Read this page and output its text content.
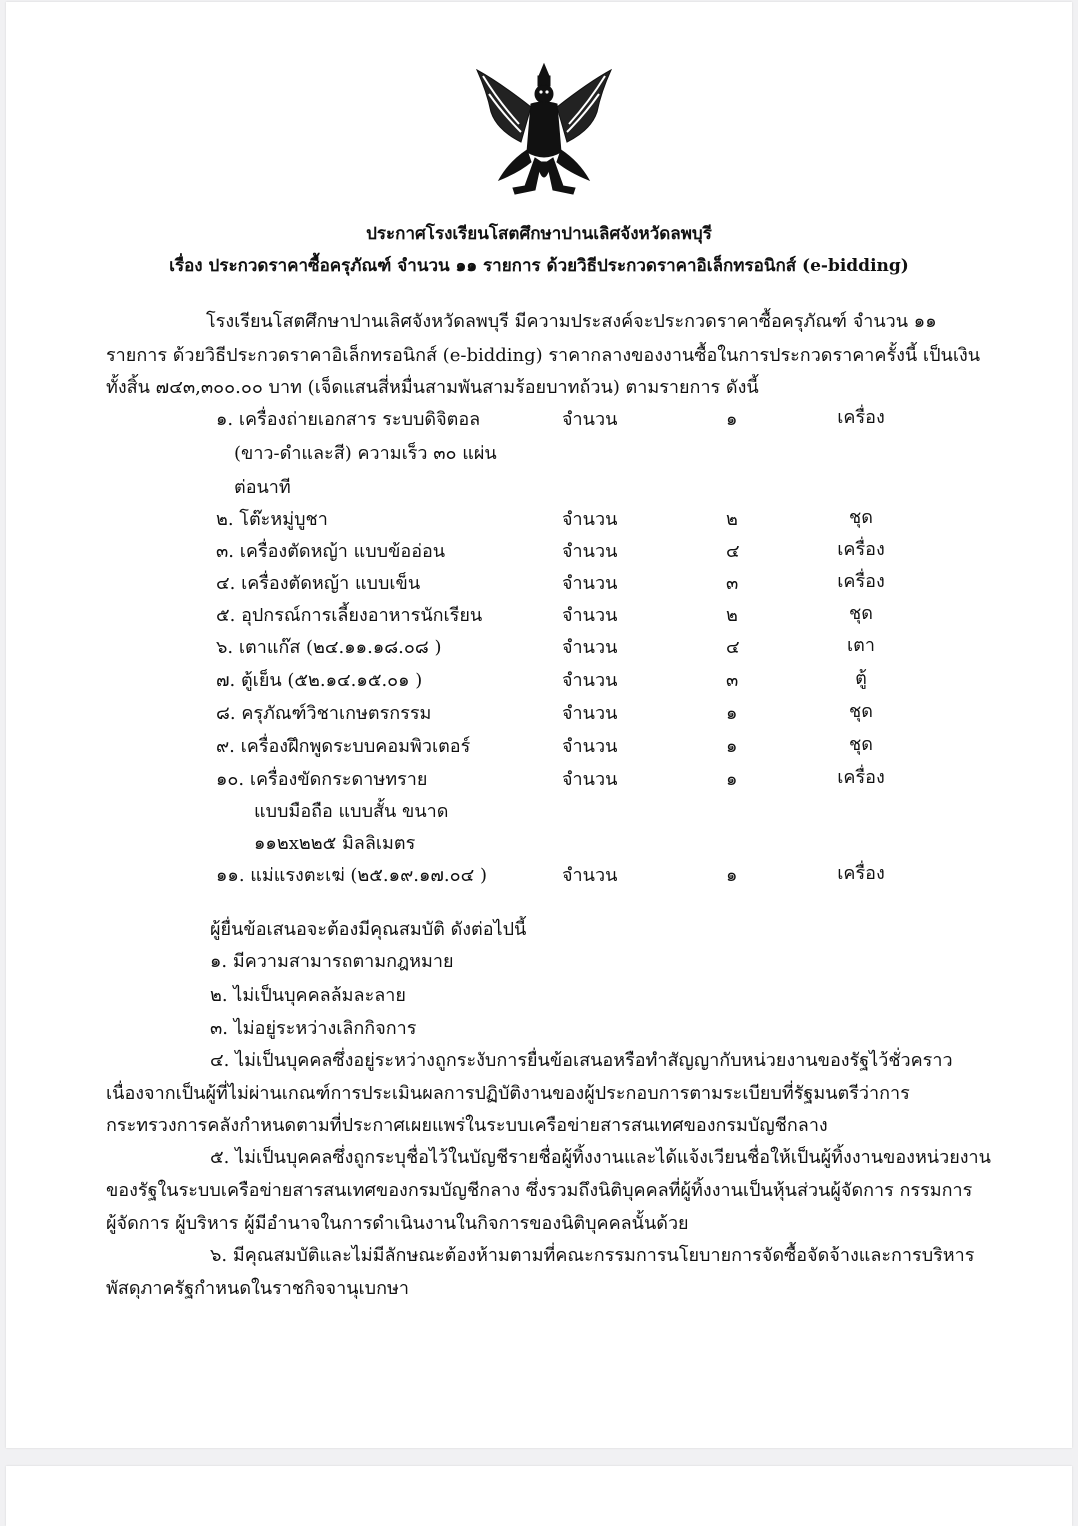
ประกาศโรงเรียนโสตศึกษาปานเลิศจังหวัดลพบุรี
เรื่อง ประกวดราคาซื้อครุภัณฑ์ จำนวน ๑๑ รายการ ด้วยวิธีประกวดราคาอิเล็กทรอนิกส์ (e-bidding)
โรงเรียนโสตศึกษาปานเลิศจังหวัดลพบุรี มีความประสงค์จะประกวดราคาซื้อครุภัณฑ์ จำนวน ๑๑
รายการ ด้วยวิธีประกวดราคาอิเล็กทรอนิกส์ (e-bidding) ราคากลางของงานซื้อในการประกวดราคาครั้งนี้ เป็นเงิน
ทั้งสิ้น ๗๔๓,๓๐๐.๐๐ บาท (เจ็ดแสนสี่หมื่นสามพันสามร้อยบาทถ้วน) ตามรายการ ดังนี้
๑. เครื่องถ่ายเอกสาร ระบบดิจิตอล	จำนวน	๑	เครื่อง
(ขาว-ดำและสี) ความเร็ว ๓๐ แผ่น
ต่อนาที
๒. โต๊ะหมู่บูชา	จำนวน	๒	ชุด
๓. เครื่องตัดหญ้า แบบข้ออ่อน	จำนวน	๔	เครื่อง
๔. เครื่องตัดหญ้า แบบเข็น	จำนวน	๓	เครื่อง
๕. อุปกรณ์การเลี้ยงอาหารนักเรียน	จำนวน	๒	ชุด
๖. เตาแก๊ส (๒๔.๑๑.๑๘.๐๘ )	จำนวน	๔	เตา
๗. ตู้เย็น (๕๒.๑๔.๑๕.๐๑ )	จำนวน	๓	ตู้
๘. ครุภัณฑ์วิชาเกษตรกรรม	จำนวน	๑	ชุด
๙. เครื่องฝึกพูดระบบคอมพิวเตอร์	จำนวน	๑	ชุด
๑๐. เครื่องขัดกระดาษทราย	จำนวน	๑	เครื่อง
แบบมือถือ แบบสั้น ขนาด
๑๑๒x๒๒๕ มิลลิเมตร
๑๑. แม่แรงตะเฆ่ (๒๕.๑๙.๑๗.๐๔ )	จำนวน	๑	เครื่อง
ผู้ยื่นข้อเสนอจะต้องมีคุณสมบัติ ดังต่อไปนี้
๑. มีความสามารถตามกฎหมาย
๒. ไม่เป็นบุคคลล้มละลาย
๓. ไม่อยู่ระหว่างเลิกกิจการ
๔. ไม่เป็นบุคคลซึ่งอยู่ระหว่างถูกระงับการยื่นข้อเสนอหรือทำสัญญากับหน่วยงานของรัฐไว้ชั่วคราว
เนื่องจากเป็นผู้ที่ไม่ผ่านเกณฑ์การประเมินผลการปฏิบัติงานของผู้ประกอบการตามระเบียบที่รัฐมนตรีว่าการ
กระทรวงการคลังกำหนดตามที่ประกาศเผยแพร่ในระบบเครือข่ายสารสนเทศของกรมบัญชีกลาง
๕. ไม่เป็นบุคคลซึ่งถูกระบุชื่อไว้ในบัญชีรายชื่อผู้ทิ้งงานและได้แจ้งเวียนชื่อให้เป็นผู้ทิ้งงานของหน่วยงาน
ของรัฐในระบบเครือข่ายสารสนเทศของกรมบัญชีกลาง ซึ่งรวมถึงนิติบุคคลที่ผู้ทิ้งงานเป็นหุ้นส่วนผู้จัดการ กรรมการ
ผู้จัดการ ผู้บริหาร ผู้มีอำนาจในการดำเนินงานในกิจการของนิติบุคคลนั้นด้วย
๖. มีคุณสมบัติและไม่มีลักษณะต้องห้ามตามที่คณะกรรมการนโยบายการจัดซื้อจัดจ้างและการบริหาร
พัสดุภาครัฐกำหนดในราชกิจจานุเบกษา
